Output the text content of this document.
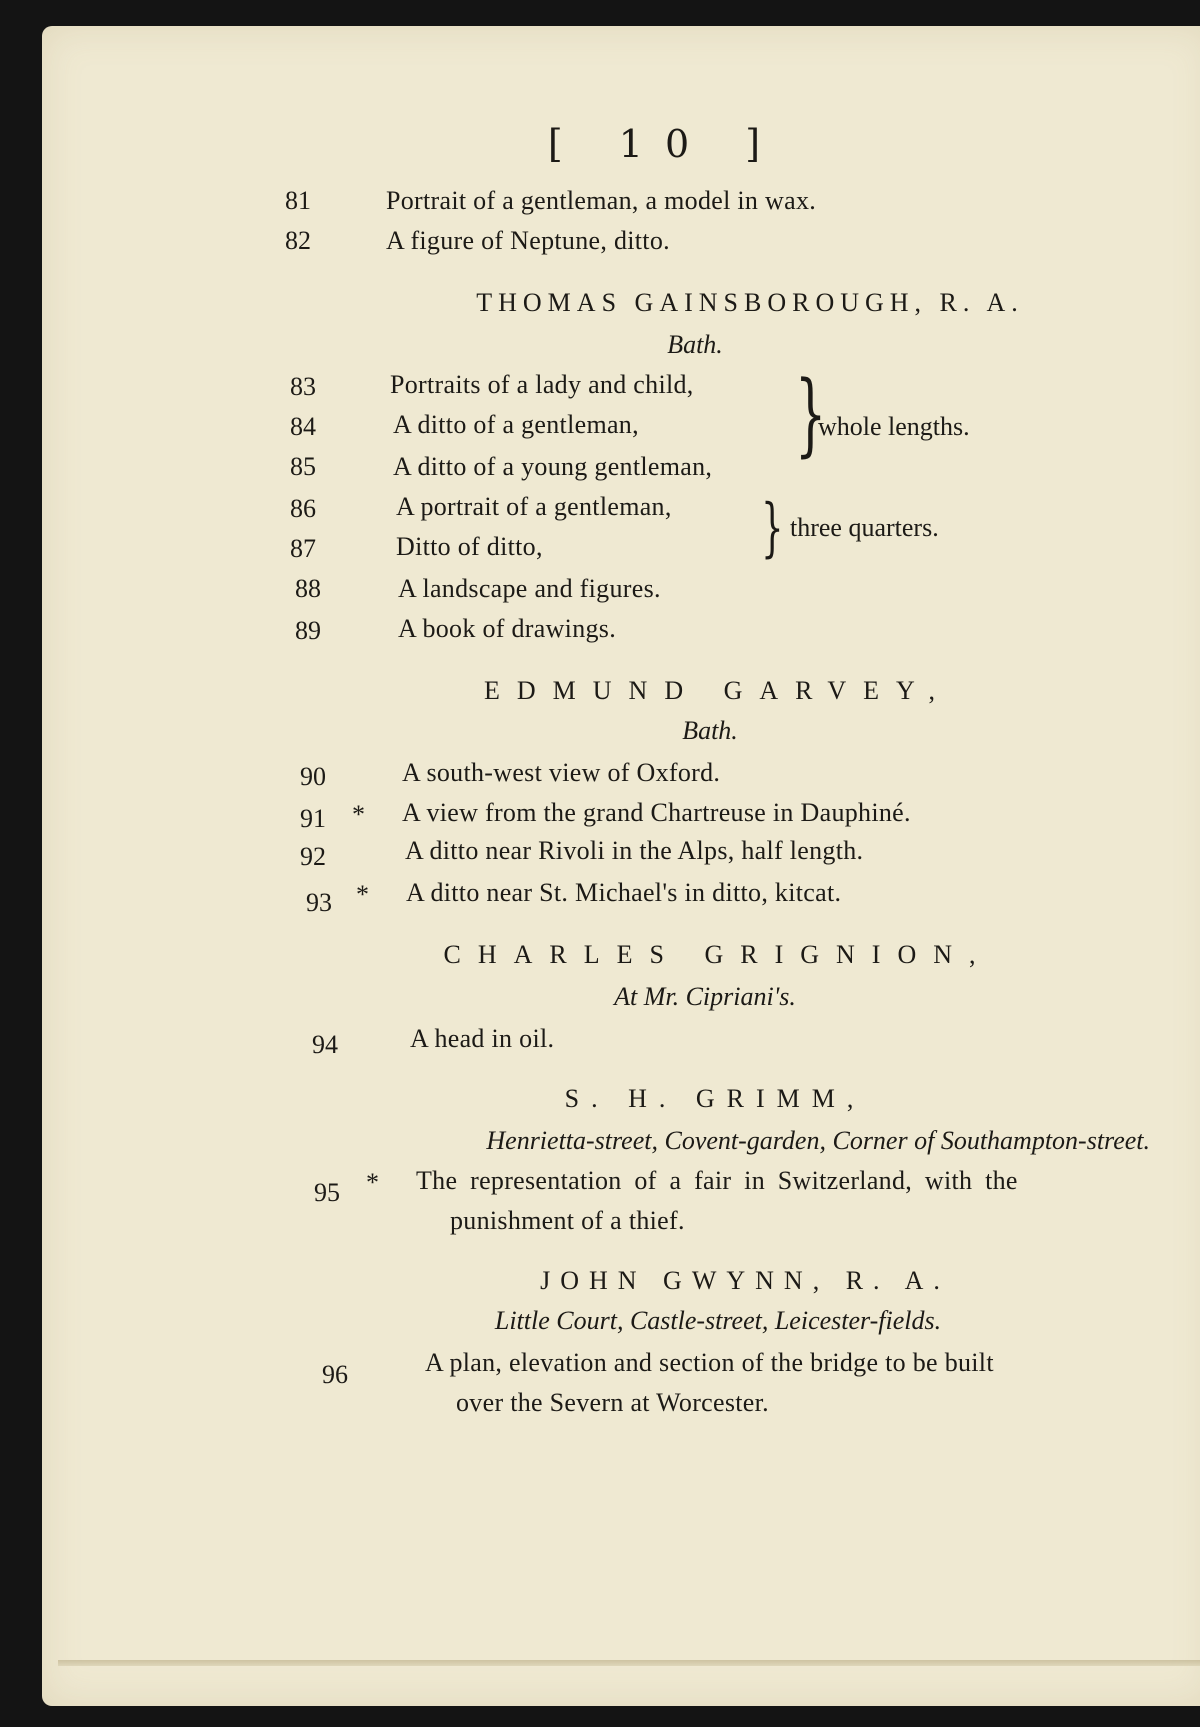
[ 10 ]
81	Portrait of a gentleman, a model in wax.
82	A figure of Neptune, ditto.
THOMAS GAINSBOROUGH, R. A.
Bath.
83	Portraits of a lady and child,
84	A ditto of a gentleman,
85	A ditto of a young gentleman, }
whole lengths.
86	A portrait of a gentleman,
87	Ditto of ditto,	} three quarters.
88	A landscape and figures.
89	A book of drawings.
EDMUND GARVEY,
Bath.
90	A south-west view of Oxford.
91 * A view from the grand Chartreuse in Dauphiné.
92	A ditto near Rivoli in the Alps, half length.
93 * A ditto near St. Michael's in ditto, kitcat.
CHARLES GRIGNION,
At Mr. Cipriani's.
94	A head in oil.
S. H. GRIMM,
Henrietta-street, Covent-garden, Corner of Southampton-street.
95 * The representation of a fair in Switzerland, with the
punishment of a thief.
JOHN GWYNN, R. A.
Little Court, Castle-street, Leicester-fields.
96	A plan, elevation and section of the bridge to be built
over the Severn at Worcester.
